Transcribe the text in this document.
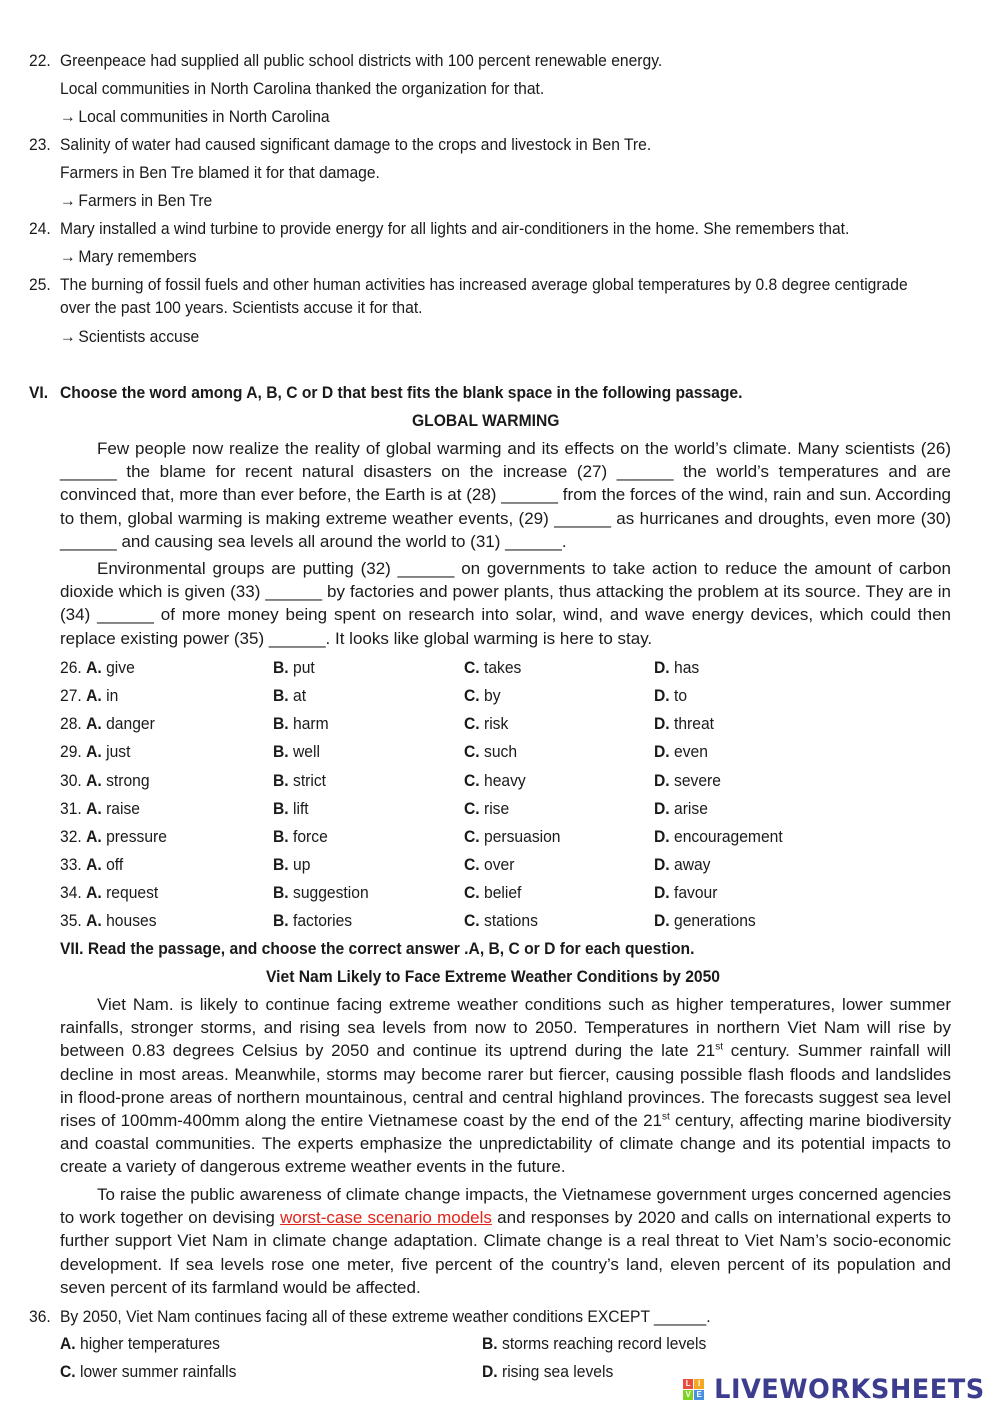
22. Greenpeace had supplied all public school districts with 100 percent renewable energy.
Local communities in North Carolina thanked the organization for that.
→ Local communities in North Carolina
23. Salinity of water had caused significant damage to the crops and livestock in Ben Tre.
Farmers in Ben Tre blamed it for that damage.
→ Farmers in Ben Tre
24. Mary installed a wind turbine to provide energy for all lights and air-conditioners in the home. She remembers that.
→ Mary remembers
25. The burning of fossil fuels and other human activities has increased average global temperatures by 0.8 degree centigrade
over the past 100 years. Scientists accuse it for that.
→ Scientists accuse
VI. Choose the word among A, B, C or D that best fits the blank space in the following passage.
GLOBAL WARMING
Few people now realize the reality of global warming and its effects on the world’s climate. Many scientists (26) ______ the blame for recent natural disasters on the increase (27) ______ the world’s temperatures and are convinced that, more than ever before, the Earth is at (28) ______ from the forces of the wind, rain and sun. According to them, global warming is making extreme weather events, (29) ______ as hurricanes and droughts, even more (30) ______ and causing sea levels all around the world to (31) ______.
Environmental groups are putting (32) ______ on governments to take action to reduce the amount of carbon dioxide which is given (33) ______ by factories and power plants, thus attacking the problem at its source. They are in (34) ______ of more money being spent on research into solar, wind, and wave energy devices, which could then replace existing power (35) ______. It looks like global warming is here to stay.
26. A. give	B. put	C. takes	D. has
27. A. in	B. at	C. by	D. to
28. A. danger	B. harm	C. risk	D. threat
29. A. just	B. well	C. such	D. even
30. A. strong	B. strict	C. heavy	D. severe
31. A. raise	B. lift	C. rise	D. arise
32. A. pressure	B. force	C. persuasion	D. encouragement
33. A. off	B. up	C. over	D. away
34. A. request	B. suggestion	C. belief	D. favour
35. A. houses	B. factories	C. stations	D. generations
VII. Read the passage, and choose the correct answer .A, B, C or D for each question.
Viet Nam Likely to Face Extreme Weather Conditions by 2050
Viet Nam. is likely to continue facing extreme weather conditions such as higher temperatures, lower summer rainfalls, stronger storms, and rising sea levels from now to 2050. Temperatures in northern Viet Nam will rise by between 0.83 degrees Celsius by 2050 and continue its uptrend during the late 21st century. Summer rainfall will decline in most areas. Meanwhile, storms may become rarer but fiercer, causing possible flash floods and landslides in flood-prone areas of northern mountainous, central and central highland provinces. The forecasts suggest sea level rises of 100mm-400mm along the entire Vietnamese coast by the end of the 21st century, affecting marine biodiversity and coastal communities. The experts emphasize the unpredictability of climate change and its potential impacts to create a variety of dangerous extreme weather events in the future.
To raise the public awareness of climate change impacts, the Vietnamese government urges concerned agencies to work together on devising worst-case scenario models and responses by 2020 and calls on international experts to further support Viet Nam in climate change adaptation. Climate change is a real threat to Viet Nam’s socio-economic development. If sea levels rose one meter, five percent of the country’s land, eleven percent of its population and seven percent of its farmland would be affected.
36. By 2050, Viet Nam continues facing all of these extreme weather conditions EXCEPT ______.
A. higher temperatures	B. storms reaching record levels
C. lower summer rainfalls	D. rising sea levels
L I
V E LIVEWORKSHEETS
